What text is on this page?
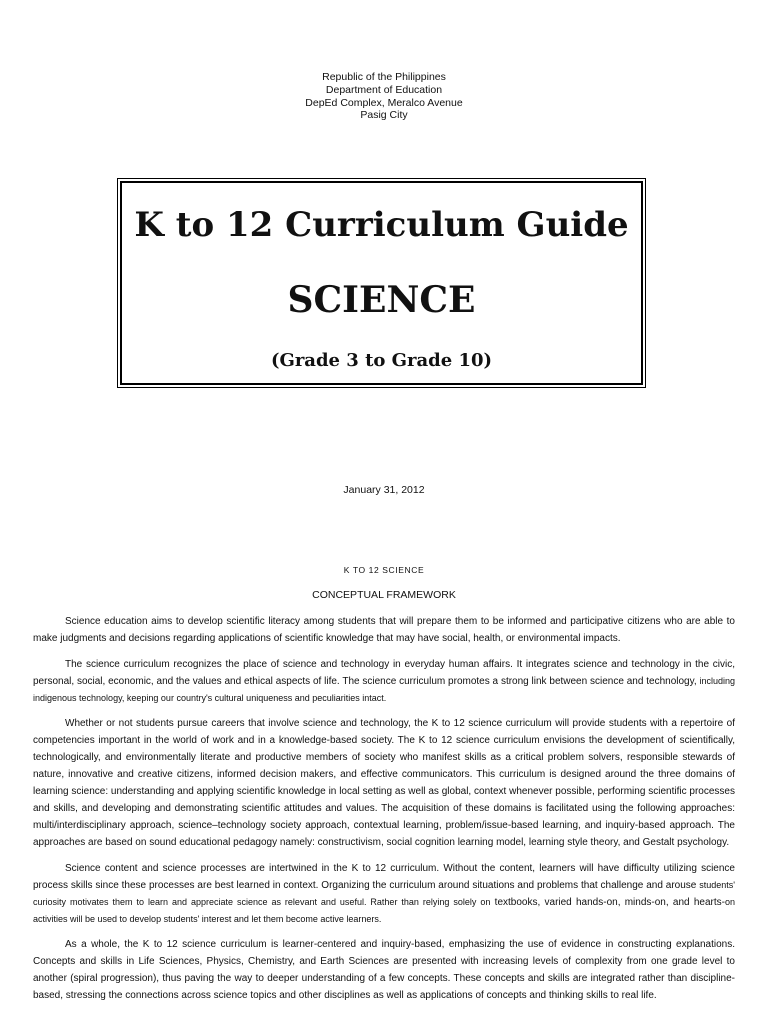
Republic of the Philippines
Department of Education
DepEd Complex, Meralco Avenue
Pasig City
K to 12 Curriculum Guide
SCIENCE
(Grade 3 to Grade 10)
January 31, 2012
K TO 12 SCIENCE
CONCEPTUAL FRAMEWORK

Science education aims to develop scientific literacy among students that will prepare them to be informed and participative citizens who are able to make judgments and decisions regarding applications of scientific knowledge that may have social, health, or environmental impacts.

The science curriculum recognizes the place of science and technology in everyday human affairs. It integrates science and technology in the civic, personal, social, economic, and the values and ethical aspects of life. The science curriculum promotes a strong link between science and technology, including indigenous technology, keeping our country's cultural uniqueness and peculiarities intact.

Whether or not students pursue careers that involve science and technology, the K to 12 science curriculum will provide students with a repertoire of competencies important in the world of work and in a knowledge-based society. The K to 12 science curriculum envisions the development of scientifically, technologically, and environmentally literate and productive members of society who manifest skills as a critical problem solvers, responsible stewards of nature, innovative and creative citizens, informed decision makers, and effective communicators. This curriculum is designed around the three domains of learning science: understanding and applying scientific knowledge in local setting as well as global, context whenever possible, performing scientific processes and skills, and developing and demonstrating scientific attitudes and values. The acquisition of these domains is facilitated using the following approaches: multi/interdisciplinary approach, science–technology society approach, contextual learning, problem/issue-based learning, and inquiry-based approach. The approaches are based on sound educational pedagogy namely: constructivism, social cognition learning model, learning style theory, and Gestalt psychology.

Science content and science processes are intertwined in the K to 12 curriculum. Without the content, learners will have difficulty utilizing science process skills since these processes are best learned in context. Organizing the curriculum around situations and problems that challenge and arouse students' curiosity motivates them to learn and appreciate science as relevant and useful. Rather than relying solely on textbooks, varied hands-on, minds-on, and hearts-on activities will be used to develop students' interest and let them become active learners.

As a whole, the K to 12 science curriculum is learner-centered and inquiry-based, emphasizing the use of evidence in constructing explanations. Concepts and skills in Life Sciences, Physics, Chemistry, and Earth Sciences are presented with increasing levels of complexity from one grade level to another (spiral progression), thus paving the way to deeper understanding of a few concepts. These concepts and skills are integrated rather than discipline-based, stressing the connections across science topics and other disciplines as well as applications of concepts and thinking skills to real life.
